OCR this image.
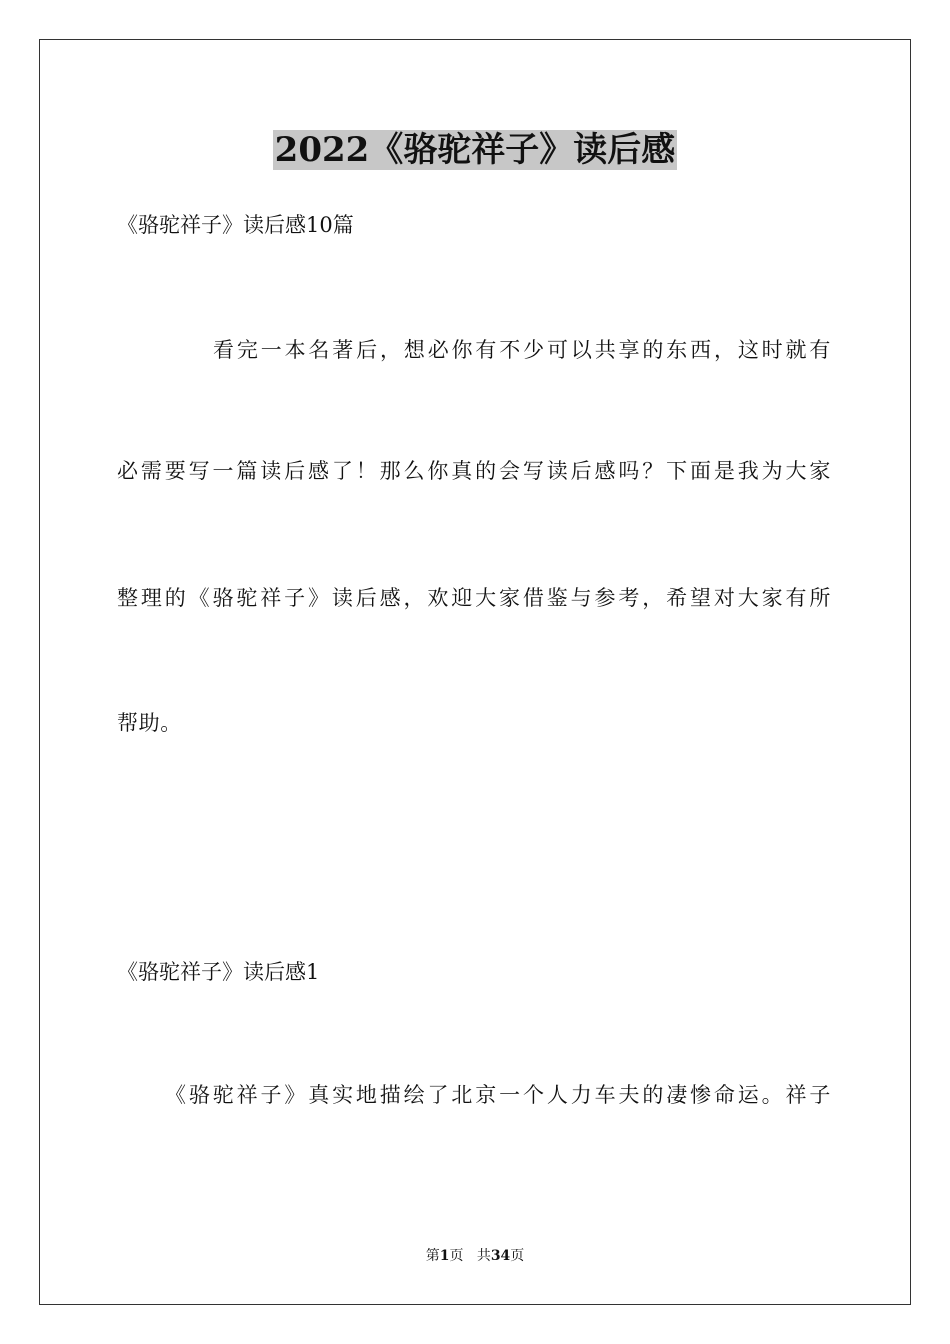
2022《骆驼祥子》读后感
《骆驼祥子》读后感10篇
看完一本名著后，想必你有不少可以共享的东西，这时就有
必需要写一篇读后感了！那么你真的会写读后感吗？下面是我为大家
整理的《骆驼祥子》读后感，欢迎大家借鉴与参考，希望对大家有所
帮助。
《骆驼祥子》读后感1
《骆驼祥子》真实地描绘了北京一个人力车夫的凄惨命运。祥子
第1页 共34页
